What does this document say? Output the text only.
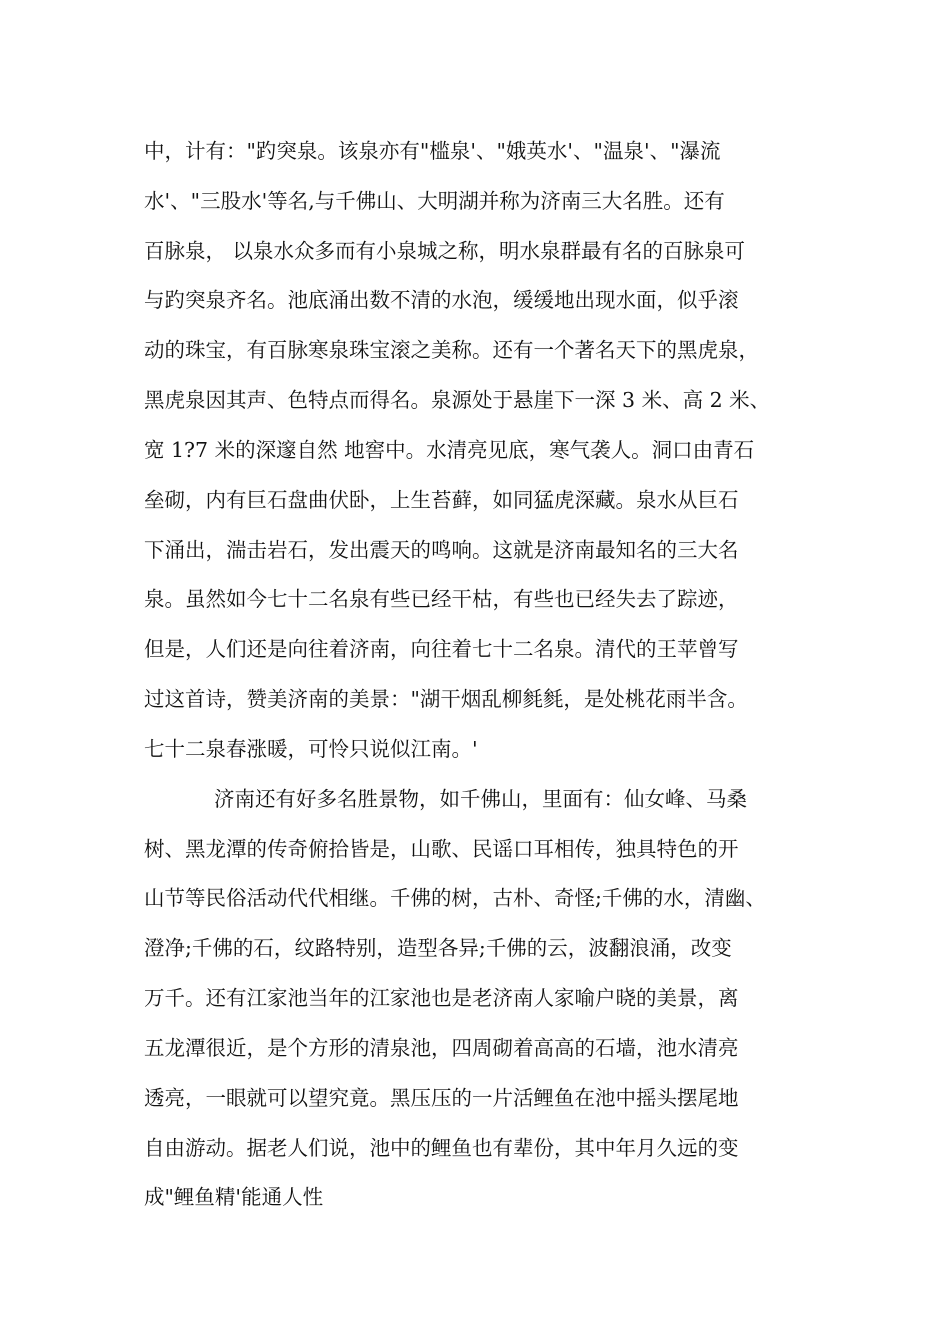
中，计有："趵突泉。该泉亦有"槛泉'、"娥英水'、"温泉'、"瀑流
水'、"三股水'等名,与千佛山、大明湖并称为济南三大名胜。还有
百脉泉， 以泉水众多而有小泉城之称，明水泉群最有名的百脉泉可
与趵突泉齐名。池底涌出数不清的水泡，缓缓地出现水面，似乎滚
动的珠宝，有百脉寒泉珠宝滚之美称。还有一个著名天下的黑虎泉，
黑虎泉因其声、色特点而得名。泉源处于悬崖下一深 3 米、高 2 米、
宽 1?7 米的深邃自然 地窖中。水清亮见底，寒气袭人。洞口由青石
垒砌，内有巨石盘曲伏卧，上生苔藓，如同猛虎深藏。泉水从巨石
下涌出，湍击岩石，发出震天的鸣响。这就是济南最知名的三大名
泉。虽然如今七十二名泉有些已经干枯，有些也已经失去了踪迹，
但是，人们还是向往着济南，向往着七十二名泉。清代的王苹曾写
过这首诗，赞美济南的美景："湖干烟乱柳毵毵，是处桃花雨半含。
七十二泉春涨暖，可怜只说似江南。'
济南还有好多名胜景物，如千佛山，里面有：仙女峰、马桑
树、黑龙潭的传奇俯拾皆是，山歌、民谣口耳相传，独具特色的开
山节等民俗活动代代相继。千佛的树，古朴、奇怪;千佛的水，清幽、
澄净;千佛的石，纹路特别，造型各异;千佛的云，波翻浪涌，改变
万千。还有江家池当年的江家池也是老济南人家喻户晓的美景，离
五龙潭很近，是个方形的清泉池，四周砌着高高的石墙，池水清亮
透亮，一眼就可以望究竟。黑压压的一片活鲤鱼在池中摇头摆尾地
自由游动。据老人们说，池中的鲤鱼也有辈份，其中年月久远的变
成"鲤鱼精'能通人性
